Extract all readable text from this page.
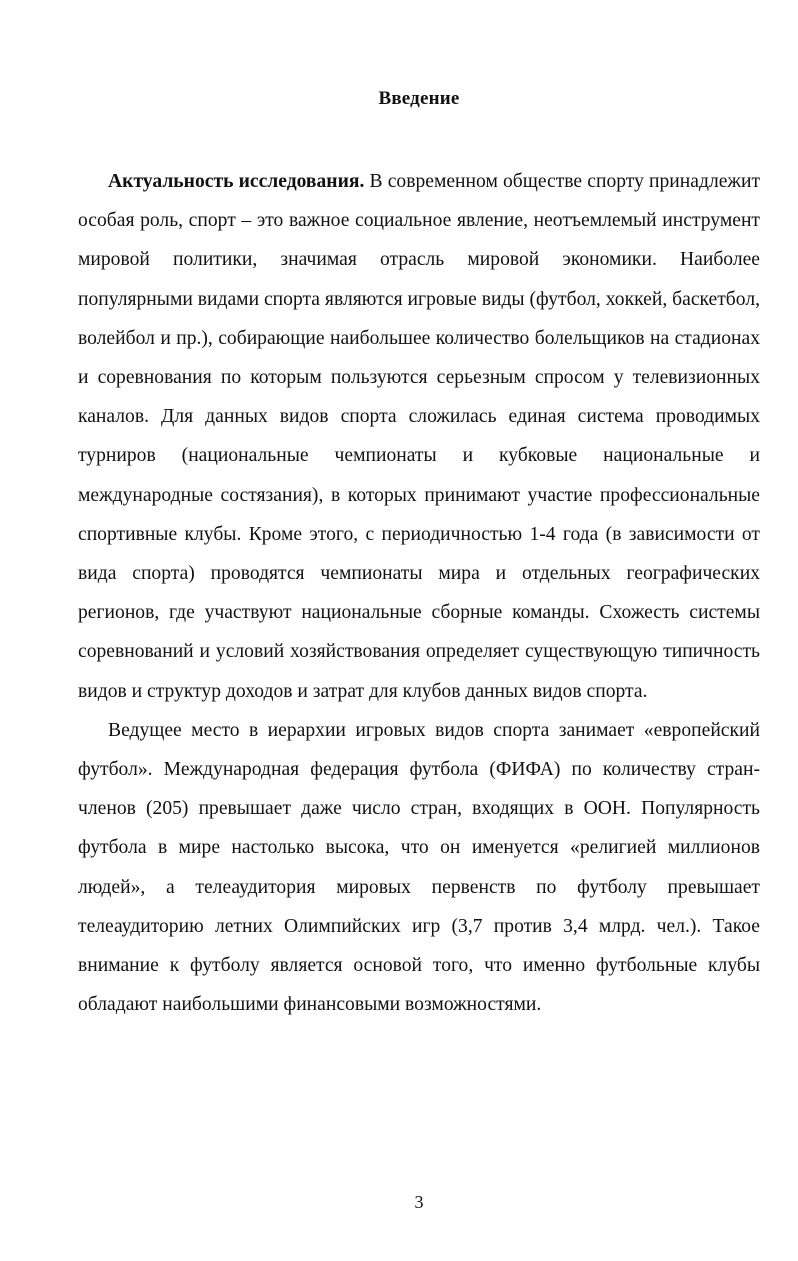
Введение

Актуальность исследования. В современном обществе спорту принадлежит особая роль, спорт – это важное социальное явление, неотъемлемый инструмент мировой политики, значимая отрасль мировой экономики. Наиболее популярными видами спорта являются игровые виды (футбол, хоккей, баскетбол, волейбол и пр.), собирающие наибольшее количество болельщиков на стадионах и соревнования по которым пользуются серьезным спросом у телевизионных каналов. Для данных видов спорта сложилась единая система проводимых турниров (национальные чемпионаты и кубковые национальные и международные состязания), в которых принимают участие профессиональные спортивные клубы. Кроме этого, с периодичностью 1-4 года (в зависимости от вида спорта) проводятся чемпионаты мира и отдельных географических регионов, где участвуют национальные сборные команды. Схожесть системы соревнований и условий хозяйствования определяет существующую типичность видов и структур доходов и затрат для клубов данных видов спорта.

Ведущее место в иерархии игровых видов спорта занимает «европейский футбол». Международная федерация футбола (ФИФА) по количеству стран-членов (205) превышает даже число стран, входящих в ООН. Популярность футбола в мире настолько высока, что он именуется «религией миллионов людей», а телеаудитория мировых первенств по футболу превышает телеаудиторию летних Олимпийских игр (3,7 против 3,4 млрд. чел.). Такое внимание к футболу является основой того, что именно футбольные клубы обладают наибольшими финансовыми возможностями.

3
